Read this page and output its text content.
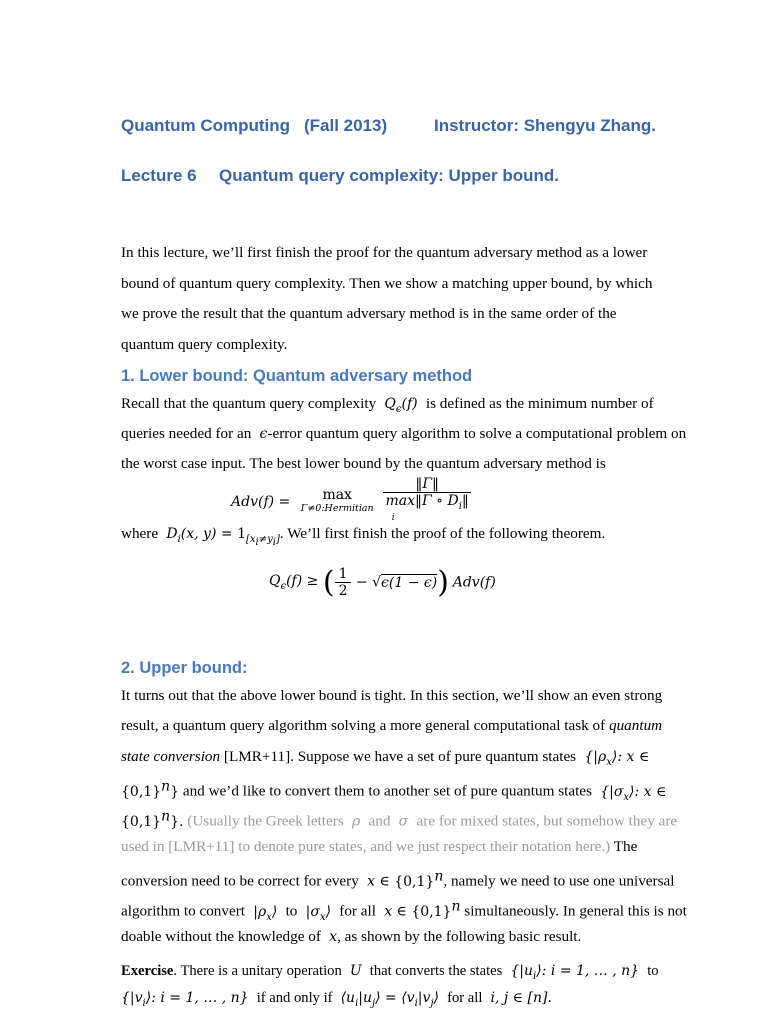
Quantum Computing (Fall 2013)	Instructor: Shengyu Zhang.
Lecture 6 Quantum query complexity: Upper bound.
In this lecture, we’ll first finish the proof for the quantum adversary method as a lower bound of quantum query complexity. Then we show a matching upper bound, by which we prove the result that the quantum adversary method is in the same order of the quantum query complexity.
1. Lower bound: Quantum adversary method
Recall that the quantum query complexity  $Q_\epsilon(f)$  is defined as the minimum number of
queries needed for an  ϵ-error quantum query algorithm to solve a computational problem on
the worst case input. The best lower bound by the quantum adversary method is
Adv(f) = max
Γ≠0:Hermitian
‖Γ‖
max‖Γ ∘ $D_i‖$
$^i$
where  $D_i(x$, $y) = 1_{[x_i\ne y_i]}$. We’ll first finish the proof of the following theorem.
$Q_\epsilon(f)$ ≥ ( $\frac{1}{2} - √\epsilon(1 - \epsilon)$) Adv(f)
2. Upper bound:
It turns out that the above lower bound is tight. In this section, we’ll show an even strong
result, a quantum query algorithm solving a more general computational task of quantum
state conversion [LMR+11]. Suppose we have a set of pure quantum states  {$|\rho_x⟩$: x ∈
$\{0,1\}^n$} and we’d like to convert them to another set of pure quantum states  {$|\sigma_x⟩$: x ∈
$\{0,1\}^n$}. (Usually the Greek letters  ρ  and  σ  are for mixed states, but somehow they are
used in [LMR+11] to denote pure states, and we just respect their notation here.) The
conversion need to be correct for every  x ∈ $\{0,1\}^n$, namely we need to use one universal
algorithm to convert  $|\rho_x⟩$  to  $|\sigma_x⟩$  for all  x ∈ $\{0,1\}^n$ simultaneously. In general this is not
doable without the knowledge of  x, as shown by the following basic result.
Exercise. There is a unitary operation  U  that converts the states  {$|u_i⟩$: i = 1, … , n}  to
{$|v_i⟩$: i = 1, … , n}  if and only if  $⟨u_i|u_j⟩$ = $⟨v_i|v_j⟩$  for all  i, j ∈ [n].
